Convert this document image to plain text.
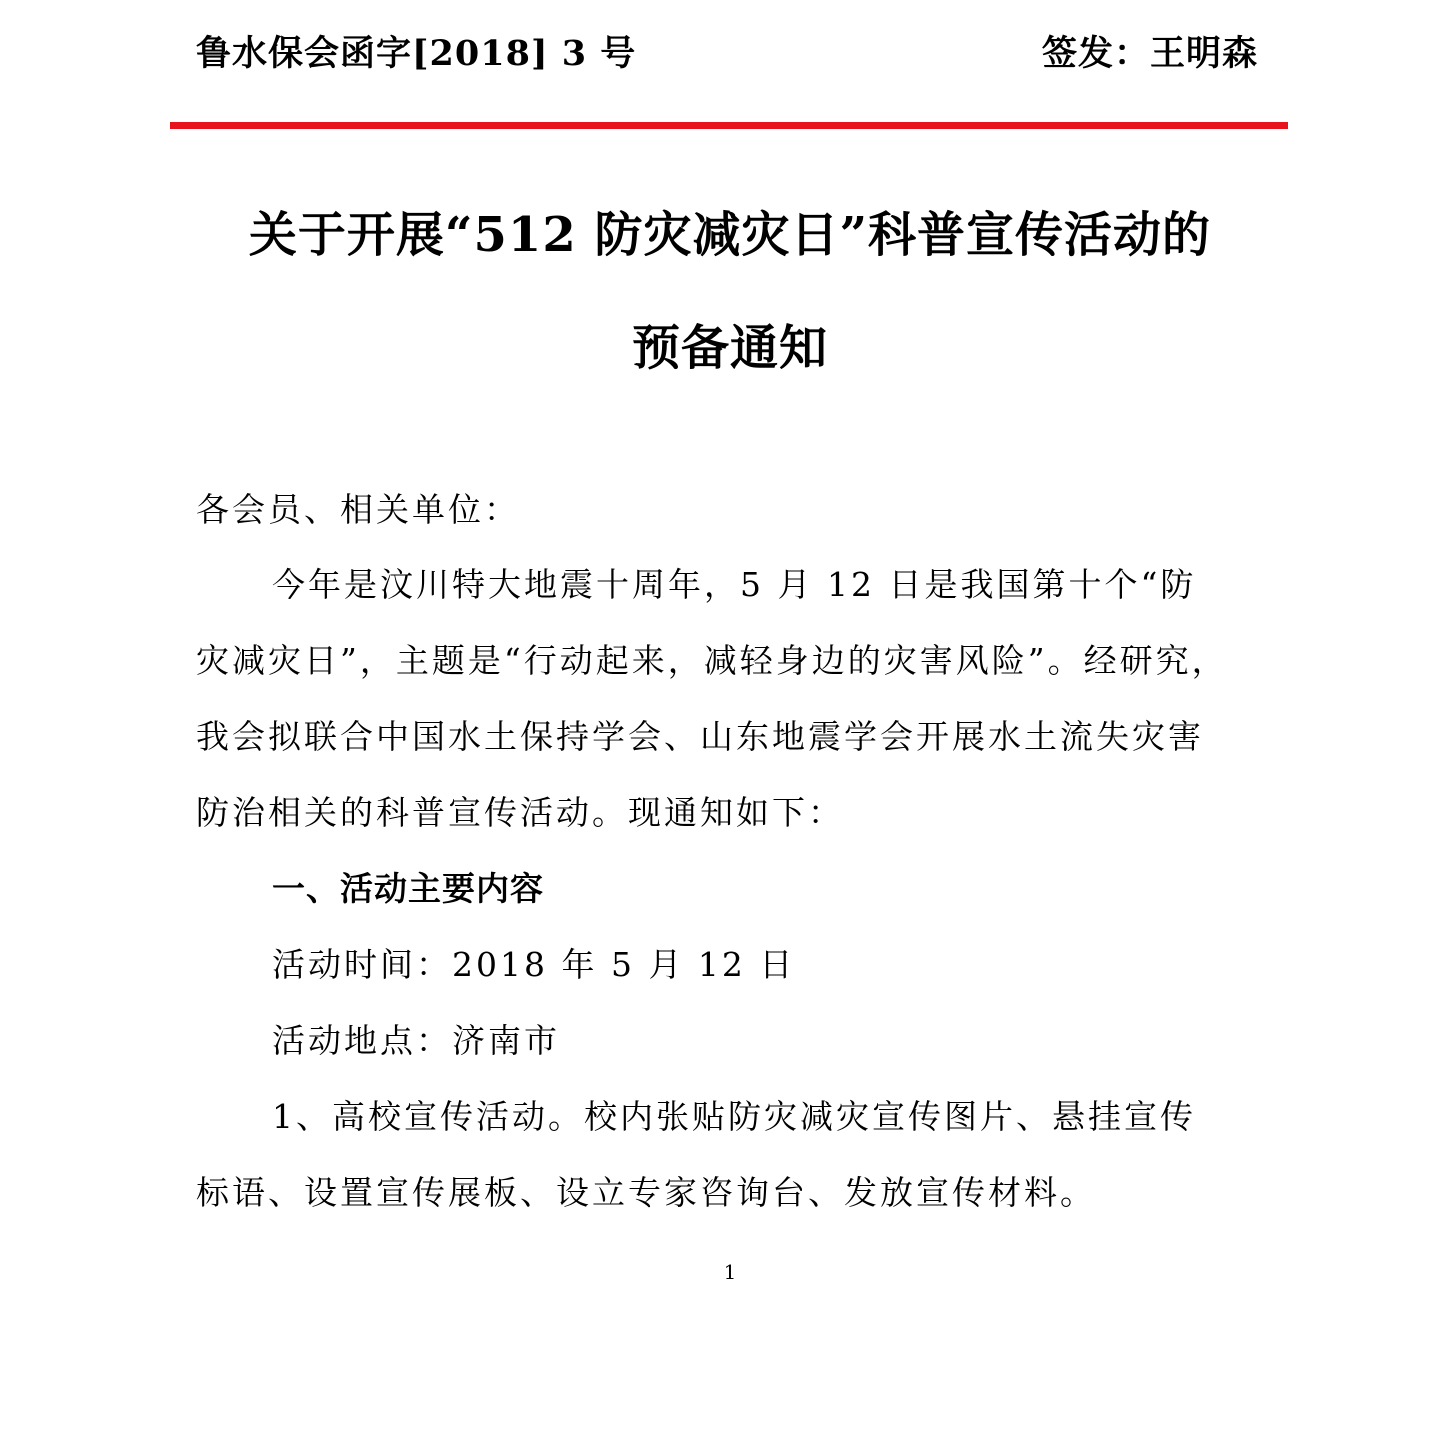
鲁水保会函字[2018] 3 号	签发：王明森
关于开展“512 防灾减灾日”科普宣传活动的
预备通知
各会员、相关单位：
今年是汶川特大地震十周年，5 月 12 日是我国第十个“防
灾减灾日”，主题是“行动起来，减轻身边的灾害风险”。经研究，
我会拟联合中国水土保持学会、山东地震学会开展水土流失灾害
防治相关的科普宣传活动。现通知如下：
一、活动主要内容
活动时间：2018 年 5 月 12 日
活动地点：济南市
1、高校宣传活动。校内张贴防灾减灾宣传图片、悬挂宣传
标语、设置宣传展板、设立专家咨询台、发放宣传材料。
1
